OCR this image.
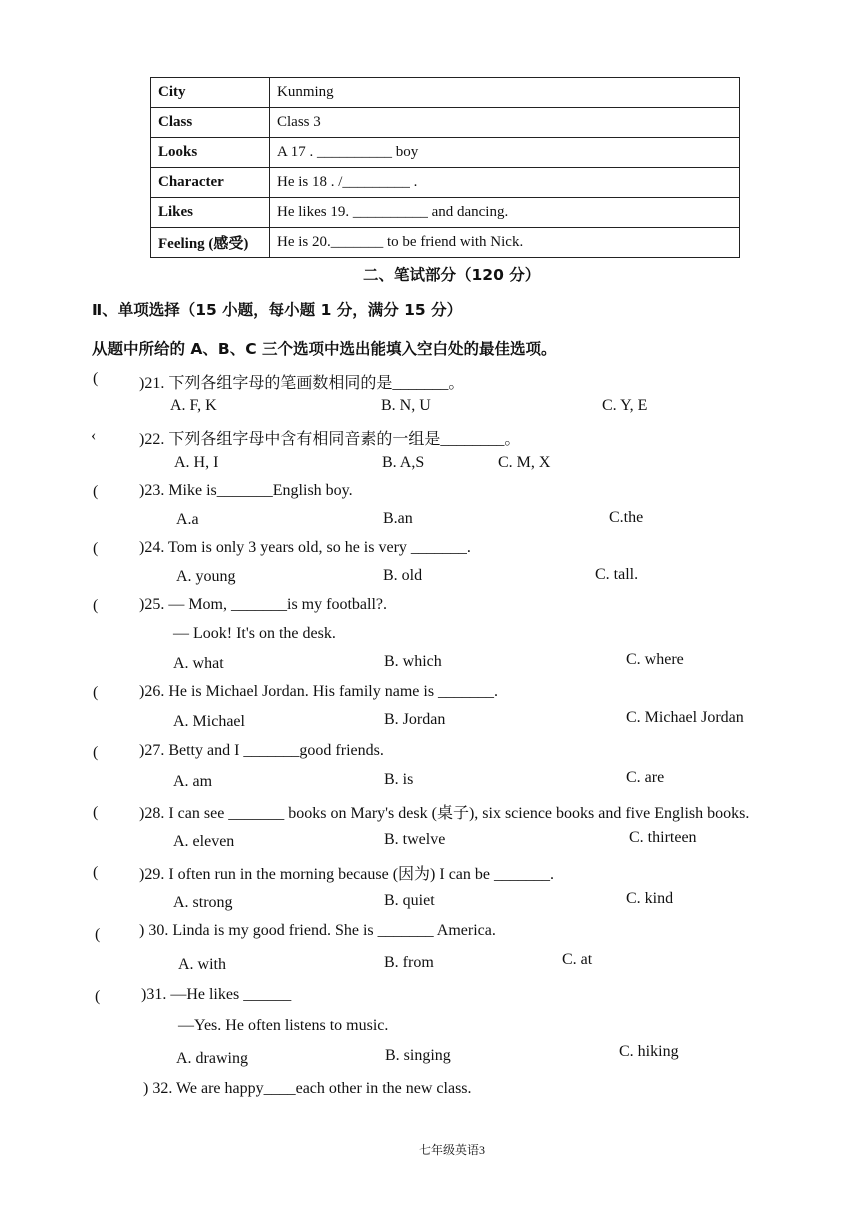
City	Kunming
Class	Class 3
Looks	A 17 . __________ boy
Character	He is 18 . /_________ .
Likes	He likes 19. __________ and dancing.
Feeling (感受)	He is 20._______ to be friend with Nick.
二、笔试部分（120 分）
Ⅱ、单项选择（15 小题，每小题 1 分，满分 15 分）
从题中所给的 A、B、C 三个选项中选出能填入空白处的最佳选项。
(	)21. 下列各组字母的笔画数相同的是_______。
A. F, K	B. N, U	C. Y, E
‹	)22. 下列各组字母中含有相同音素的一组是________。
A. H, I	B. A,S	C. M, X
(	)23. Mike is_______English boy.
A.a	B.an	C.the
(	)24. Tom is only 3 years old, so he is very _______.
A. young	B. old	C. tall.
(	)25. — Mom, _______is my football?.
— Look! It's on the desk.
A. what	B. which	C. where
(	)26. He is Michael Jordan. His family name is _______.
A. Michael	B. Jordan	C. Michael Jordan
(	)27. Betty and I _______good friends.
A. am	B. is	C. are
(	)28. I can see _______ books on Mary's desk (桌子), six science books and five English books.
A. eleven	B. twelve	C. thirteen
(	)29. I often run in the morning because (因为) I can be _______.
A. strong	B. quiet	C. kind
( ) 30. Linda is my good friend. She is _______ America.
A. with	B. from	C. at
(	)31. —He likes ______
—Yes. He often listens to music.
A. drawing	B. singing	C. hiking
) 32. We are happy____each other in the new class.
七年级英语3
